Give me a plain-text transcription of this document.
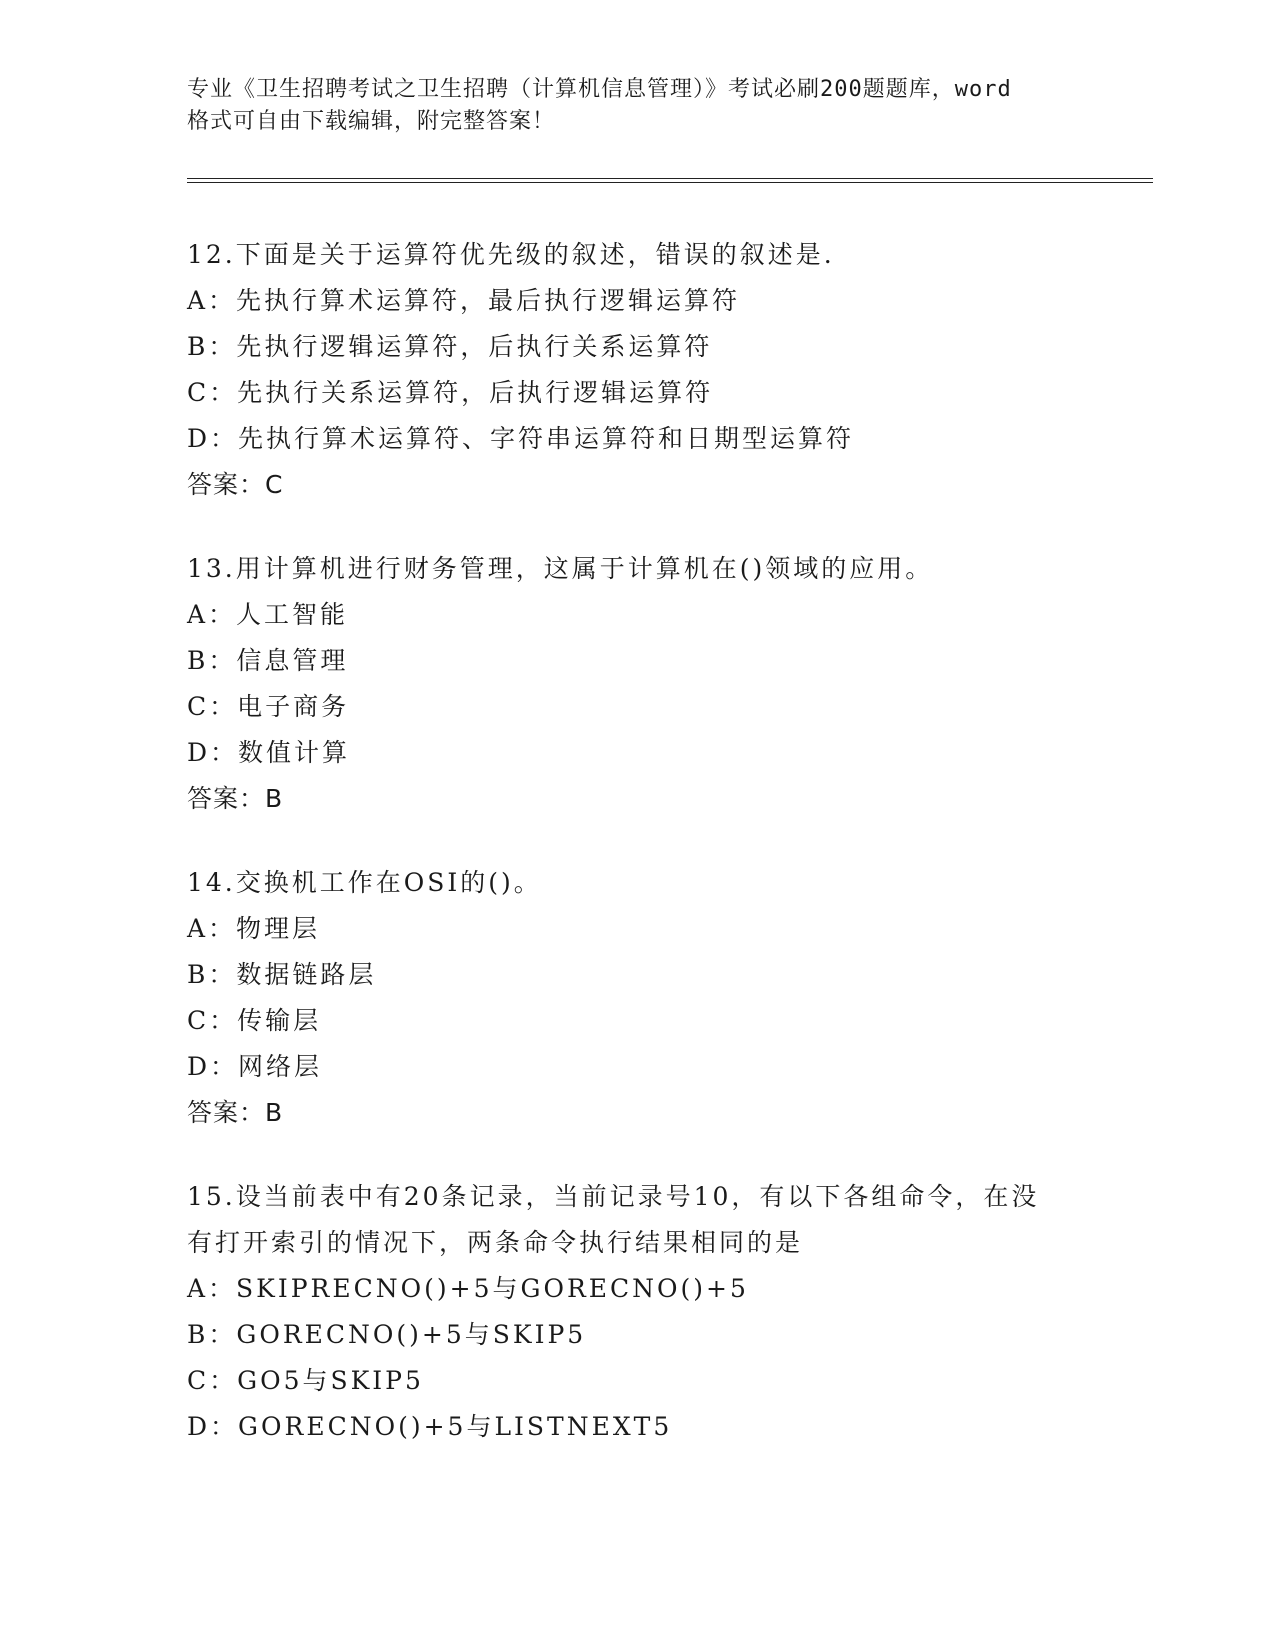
专业《卫生招聘考试之卫生招聘（计算机信息管理）》考试必刷200题题库，word
格式可自由下载编辑，附完整答案！
12.下面是关于运算符优先级的叙述，错误的叙述是.
A：先执行算术运算符，最后执行逻辑运算符
B：先执行逻辑运算符，后执行关系运算符
C：先执行关系运算符，后执行逻辑运算符
D：先执行算术运算符、字符串运算符和日期型运算符
答案：C
13.用计算机进行财务管理，这属于计算机在()领域的应用。
A：人工智能
B：信息管理
C：电子商务
D：数值计算
答案：B
14.交换机工作在OSI的()。
A：物理层
B：数据链路层
C：传输层
D：网络层
答案：B
15.设当前表中有20条记录，当前记录号10，有以下各组命令，在没
有打开索引的情况下，两条命令执行结果相同的是
A：SKIPRECNO()+5与GORECNO()+5
B：GORECNO()+5与SKIP5
C：GO5与SKIP5
D：GORECNO()+5与LISTNEXT5
